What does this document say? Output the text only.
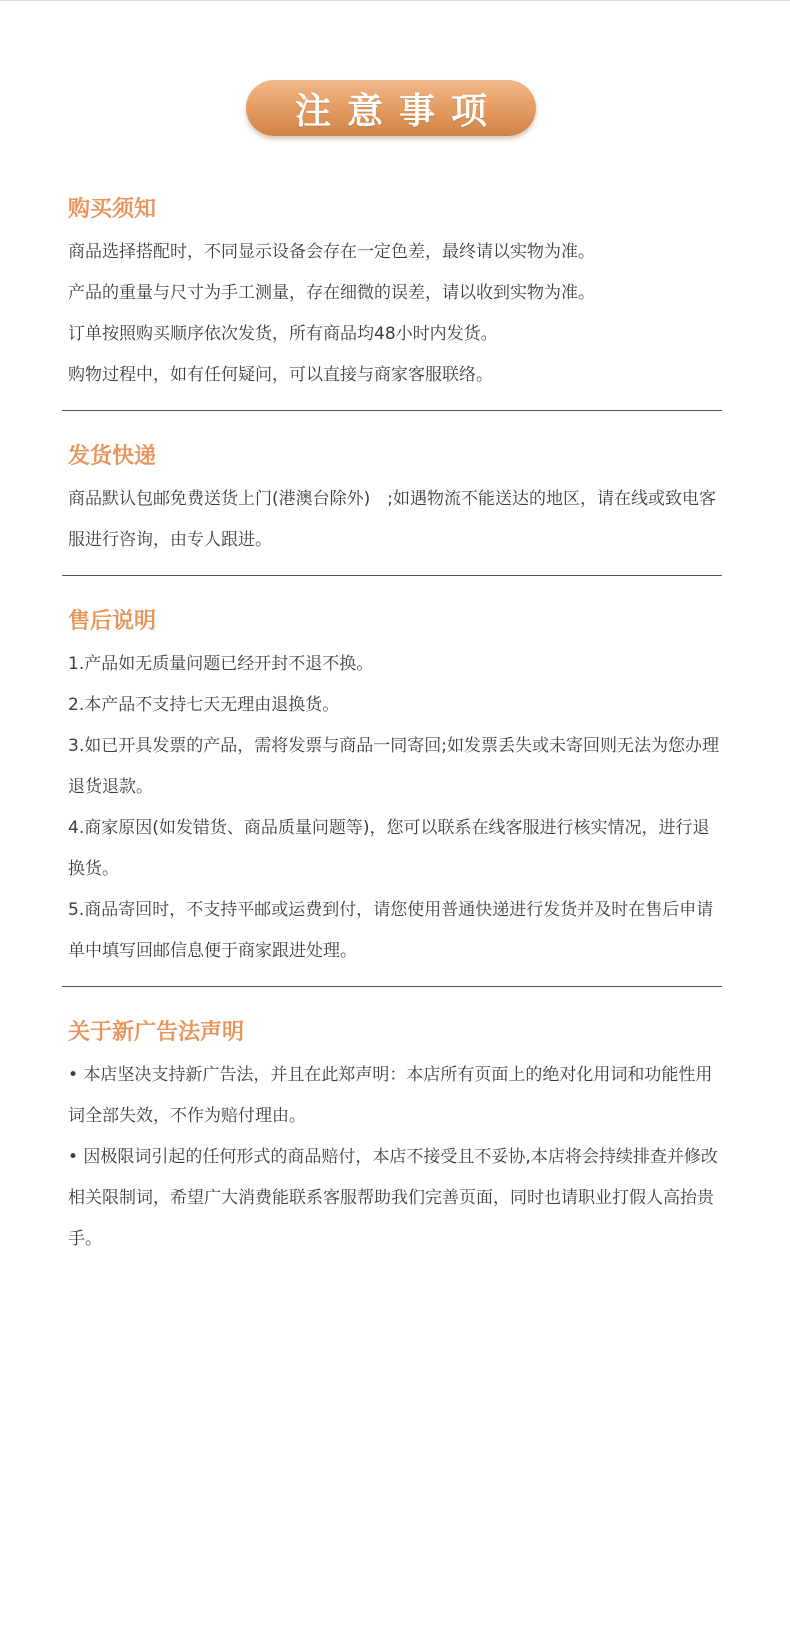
注意事项
购买须知

商品选择搭配时，不同显示设备会存在一定色差，最终请以实物为准。

产品的重量与尺寸为手工测量，存在细微的误差，请以收到实物为准。

订单按照购买顺序依次发货，所有商品均48小时内发货。

购物过程中，如有任何疑问，可以直接与商家客服联络。

发货快递

商品默认包邮免费送货上门(港澳台除外)　;如遇物流不能送达的地区，请在线或致电客服进行咨询，由专人跟进。

售后说明

1.产品如无质量问题已经开封不退不换。

2.本产品不支持七天无理由退换货。

3.如已开具发票的产品，需将发票与商品一同寄回;如发票丢失或未寄回则无法为您办理退货退款。

4.商家原因(如发错货、商品质量问题等)，您可以联系在线客服进行核实情况，进行退换货。

5.商品寄回时，不支持平邮或运费到付，请您使用普通快递进行发货并及时在售后申请单中填写回邮信息便于商家跟进处理。

关于新广告法声明

• 本店坚决支持新广告法，并且在此郑声明：本店所有页面上的绝对化用词和功能性用词全部失效，不作为赔付理由。

• 因极限词引起的任何形式的商品赔付，本店不接受且不妥协,本店将会持续排查并修改相关限制词，希望广大消费能联系客服帮助我们完善页面，同时也请职业打假人高抬贵手。
